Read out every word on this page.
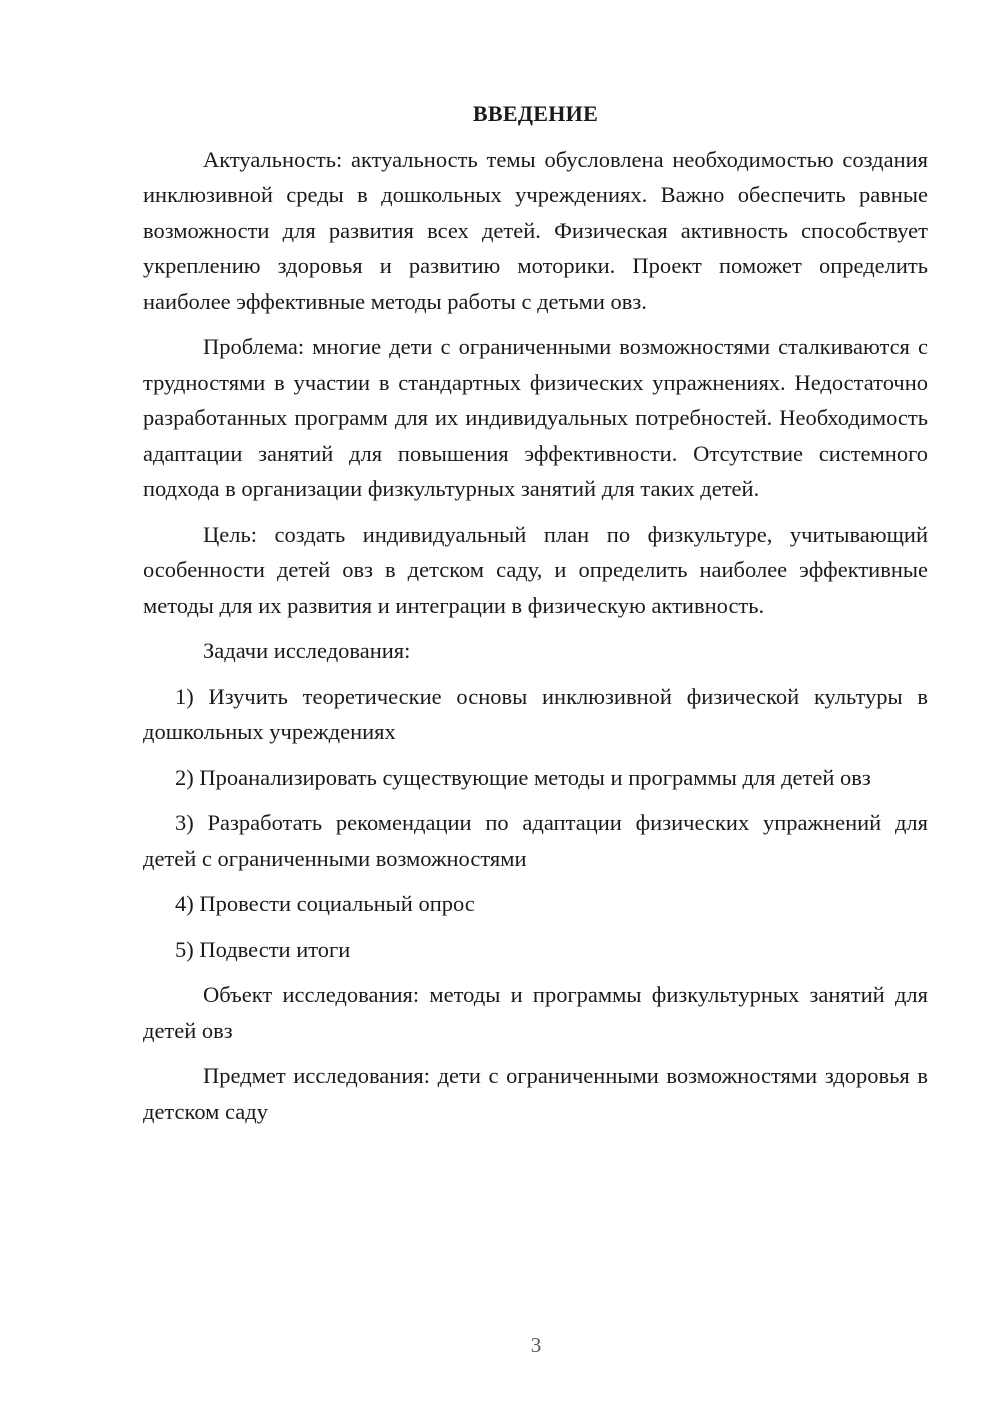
ВВЕДЕНИЕ

Актуальность: актуальность темы обусловлена необходимостью создания инклюзивной среды в дошкольных учреждениях. Важно обеспечить равные возможности для развития всех детей. Физическая активность способствует укреплению здоровья и развитию моторики. Проект поможет определить наиболее эффективные методы работы с детьми овз.

Проблема: многие дети с ограниченными возможностями сталкиваются с трудностями в участии в стандартных физических упражнениях. Недостаточно разработанных программ для их индивидуальных потребностей. Необходимость адаптации занятий для повышения эффективности. Отсутствие системного подхода в организации физкультурных занятий для таких детей.

Цель: создать индивидуальный план по физкультуре, учитывающий особенности детей овз в детском саду, и определить наиболее эффективные методы для их развития и интеграции в физическую активность.

Задачи исследования:

1) Изучить теоретические основы инклюзивной физической культуры в дошкольных учреждениях

2) Проанализировать существующие методы и программы для детей овз

3) Разработать рекомендации по адаптации физических упражнений для детей с ограниченными возможностями

4) Провести социальный опрос

5) Подвести итоги

Объект исследования: методы и программы физкультурных занятий для детей овз

Предмет исследования: дети с ограниченными возможностями здоровья в детском саду

3
